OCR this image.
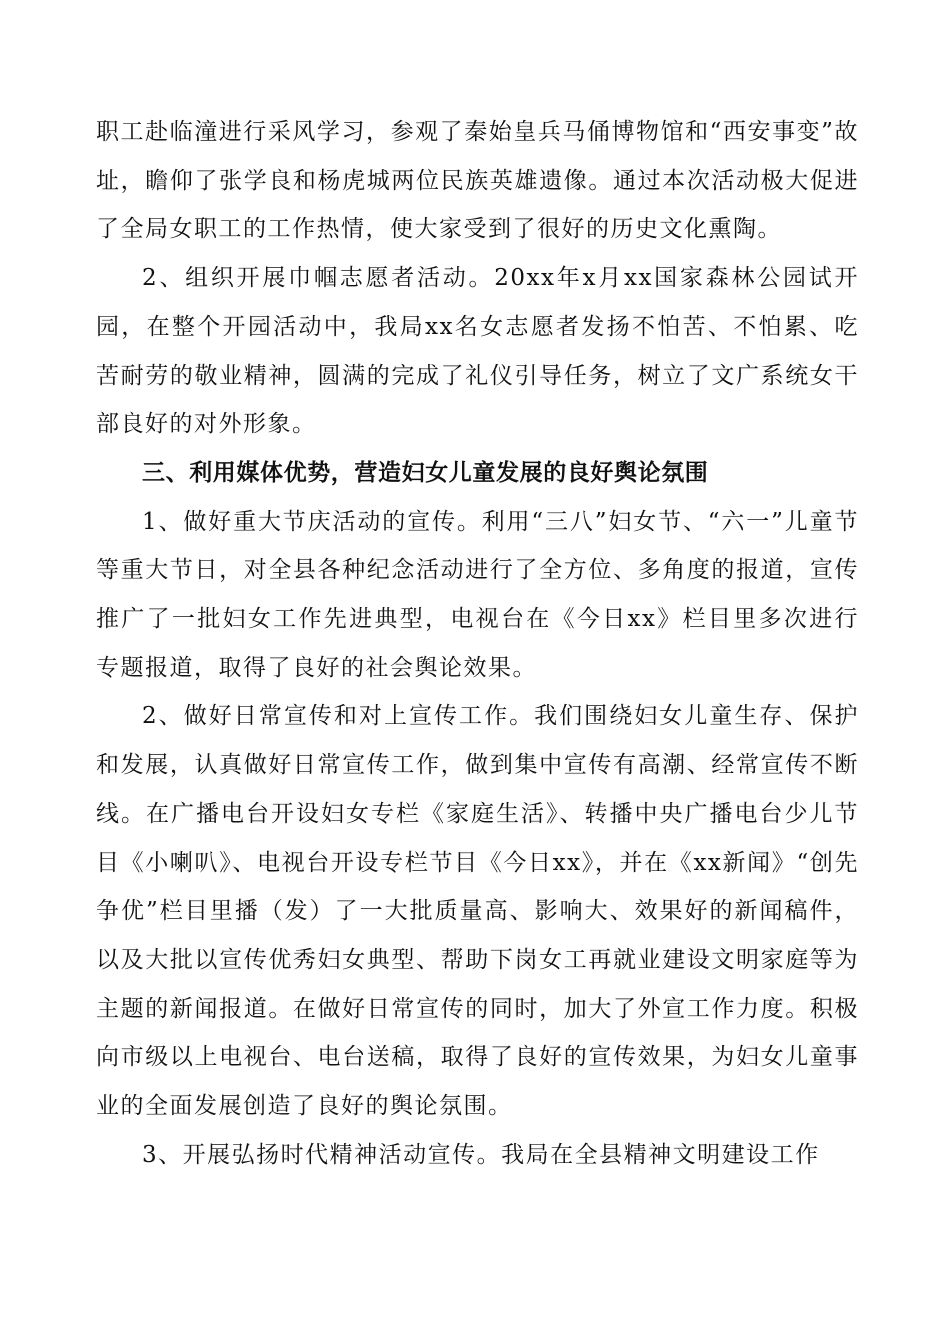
职工赴临潼进行采风学习，参观了秦始皇兵马俑博物馆和“西安事变”故址，瞻仰了张学良和杨虎城两位民族英雄遗像。通过本次活动极大促进了全局女职工的工作热情，使大家受到了很好的历史文化熏陶。

2、组织开展巾帼志愿者活动。20xx年x月xx国家森林公园试开园，在整个开园活动中，我局xx名女志愿者发扬不怕苦、不怕累、吃苦耐劳的敬业精神，圆满的完成了礼仪引导任务，树立了文广系统女干部良好的对外形象。

三、利用媒体优势，营造妇女儿童发展的良好舆论氛围

1、做好重大节庆活动的宣传。利用“三八”妇女节、“六一”儿童节等重大节日，对全县各种纪念活动进行了全方位、多角度的报道，宣传推广了一批妇女工作先进典型，电视台在《今日xx》栏目里多次进行专题报道，取得了良好的社会舆论效果。

2、做好日常宣传和对上宣传工作。我们围绕妇女儿童生存、保护和发展，认真做好日常宣传工作，做到集中宣传有高潮、经常宣传不断线。在广播电台开设妇女专栏《家庭生活》、转播中央广播电台少儿节目《小喇叭》、电视台开设专栏节目《今日xx》，并在《xx新闻》“创先争优”栏目里播（发）了一大批质量高、影响大、效果好的新闻稿件，以及大批以宣传优秀妇女典型、帮助下岗女工再就业建设文明家庭等为主题的新闻报道。在做好日常宣传的同时，加大了外宣工作力度。积极向市级以上电视台、电台送稿，取得了良好的宣传效果，为妇女儿童事业的全面发展创造了良好的舆论氛围。

3、开展弘扬时代精神活动宣传。我局在全县精神文明建设工作
